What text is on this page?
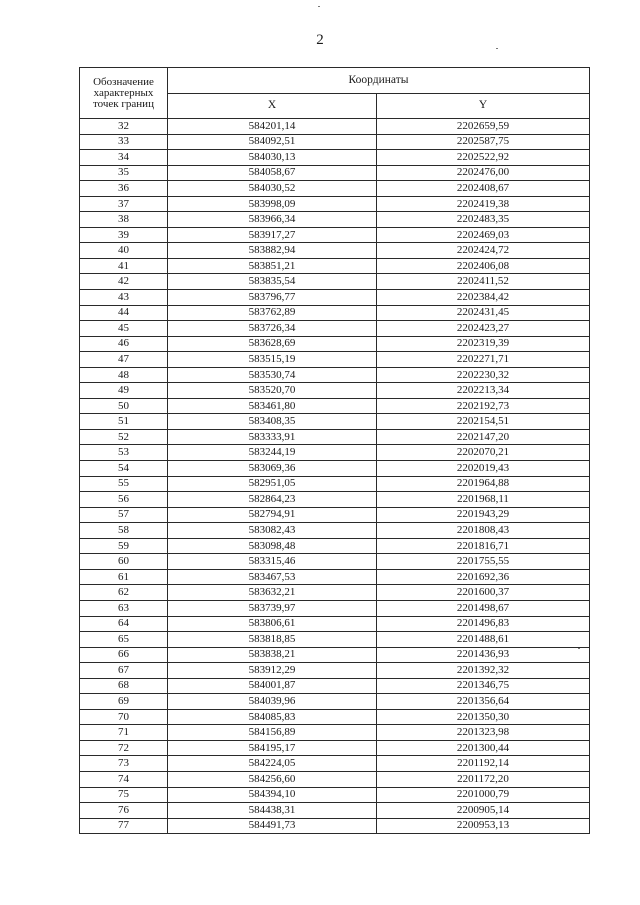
2
Обозначение
характерных
точек границ	Координаты	
	X	Y
32	584201,14	2202659,59
33	584092,51	2202587,75
34	584030,13	2202522,92
35	584058,67	2202476,00
36	584030,52	2202408,67
37	583998,09	2202419,38
38	583966,34	2202483,35
39	583917,27	2202469,03
40	583882,94	2202424,72
41	583851,21	2202406,08
42	583835,54	2202411,52
43	583796,77	2202384,42
44	583762,89	2202431,45
45	583726,34	2202423,27
46	583628,69	2202319,39
47	583515,19	2202271,71
48	583530,74	2202230,32
49	583520,70	2202213,34
50	583461,80	2202192,73
51	583408,35	2202154,51
52	583333,91	2202147,20
53	583244,19	2202070,21
54	583069,36	2202019,43
55	582951,05	2201964,88
56	582864,23	2201968,11
57	582794,91	2201943,29
58	583082,43	2201808,43
59	583098,48	2201816,71
60	583315,46	2201755,55
61	583467,53	2201692,36
62	583632,21	2201600,37
63	583739,97	2201498,67
64	583806,61	2201496,83
65	583818,85	2201488,61
66	583838,21	2201436,93
67	583912,29	2201392,32
68	584001,87	2201346,75
69	584039,96	2201356,64
70	584085,83	2201350,30
71	584156,89	2201323,98
72	584195,17	2201300,44
73	584224,05	2201192,14
74	584256,60	2201172,20
75	584394,10	2201000,79
76	584438,31	2200905,14
77	584491,73	2200953,13
